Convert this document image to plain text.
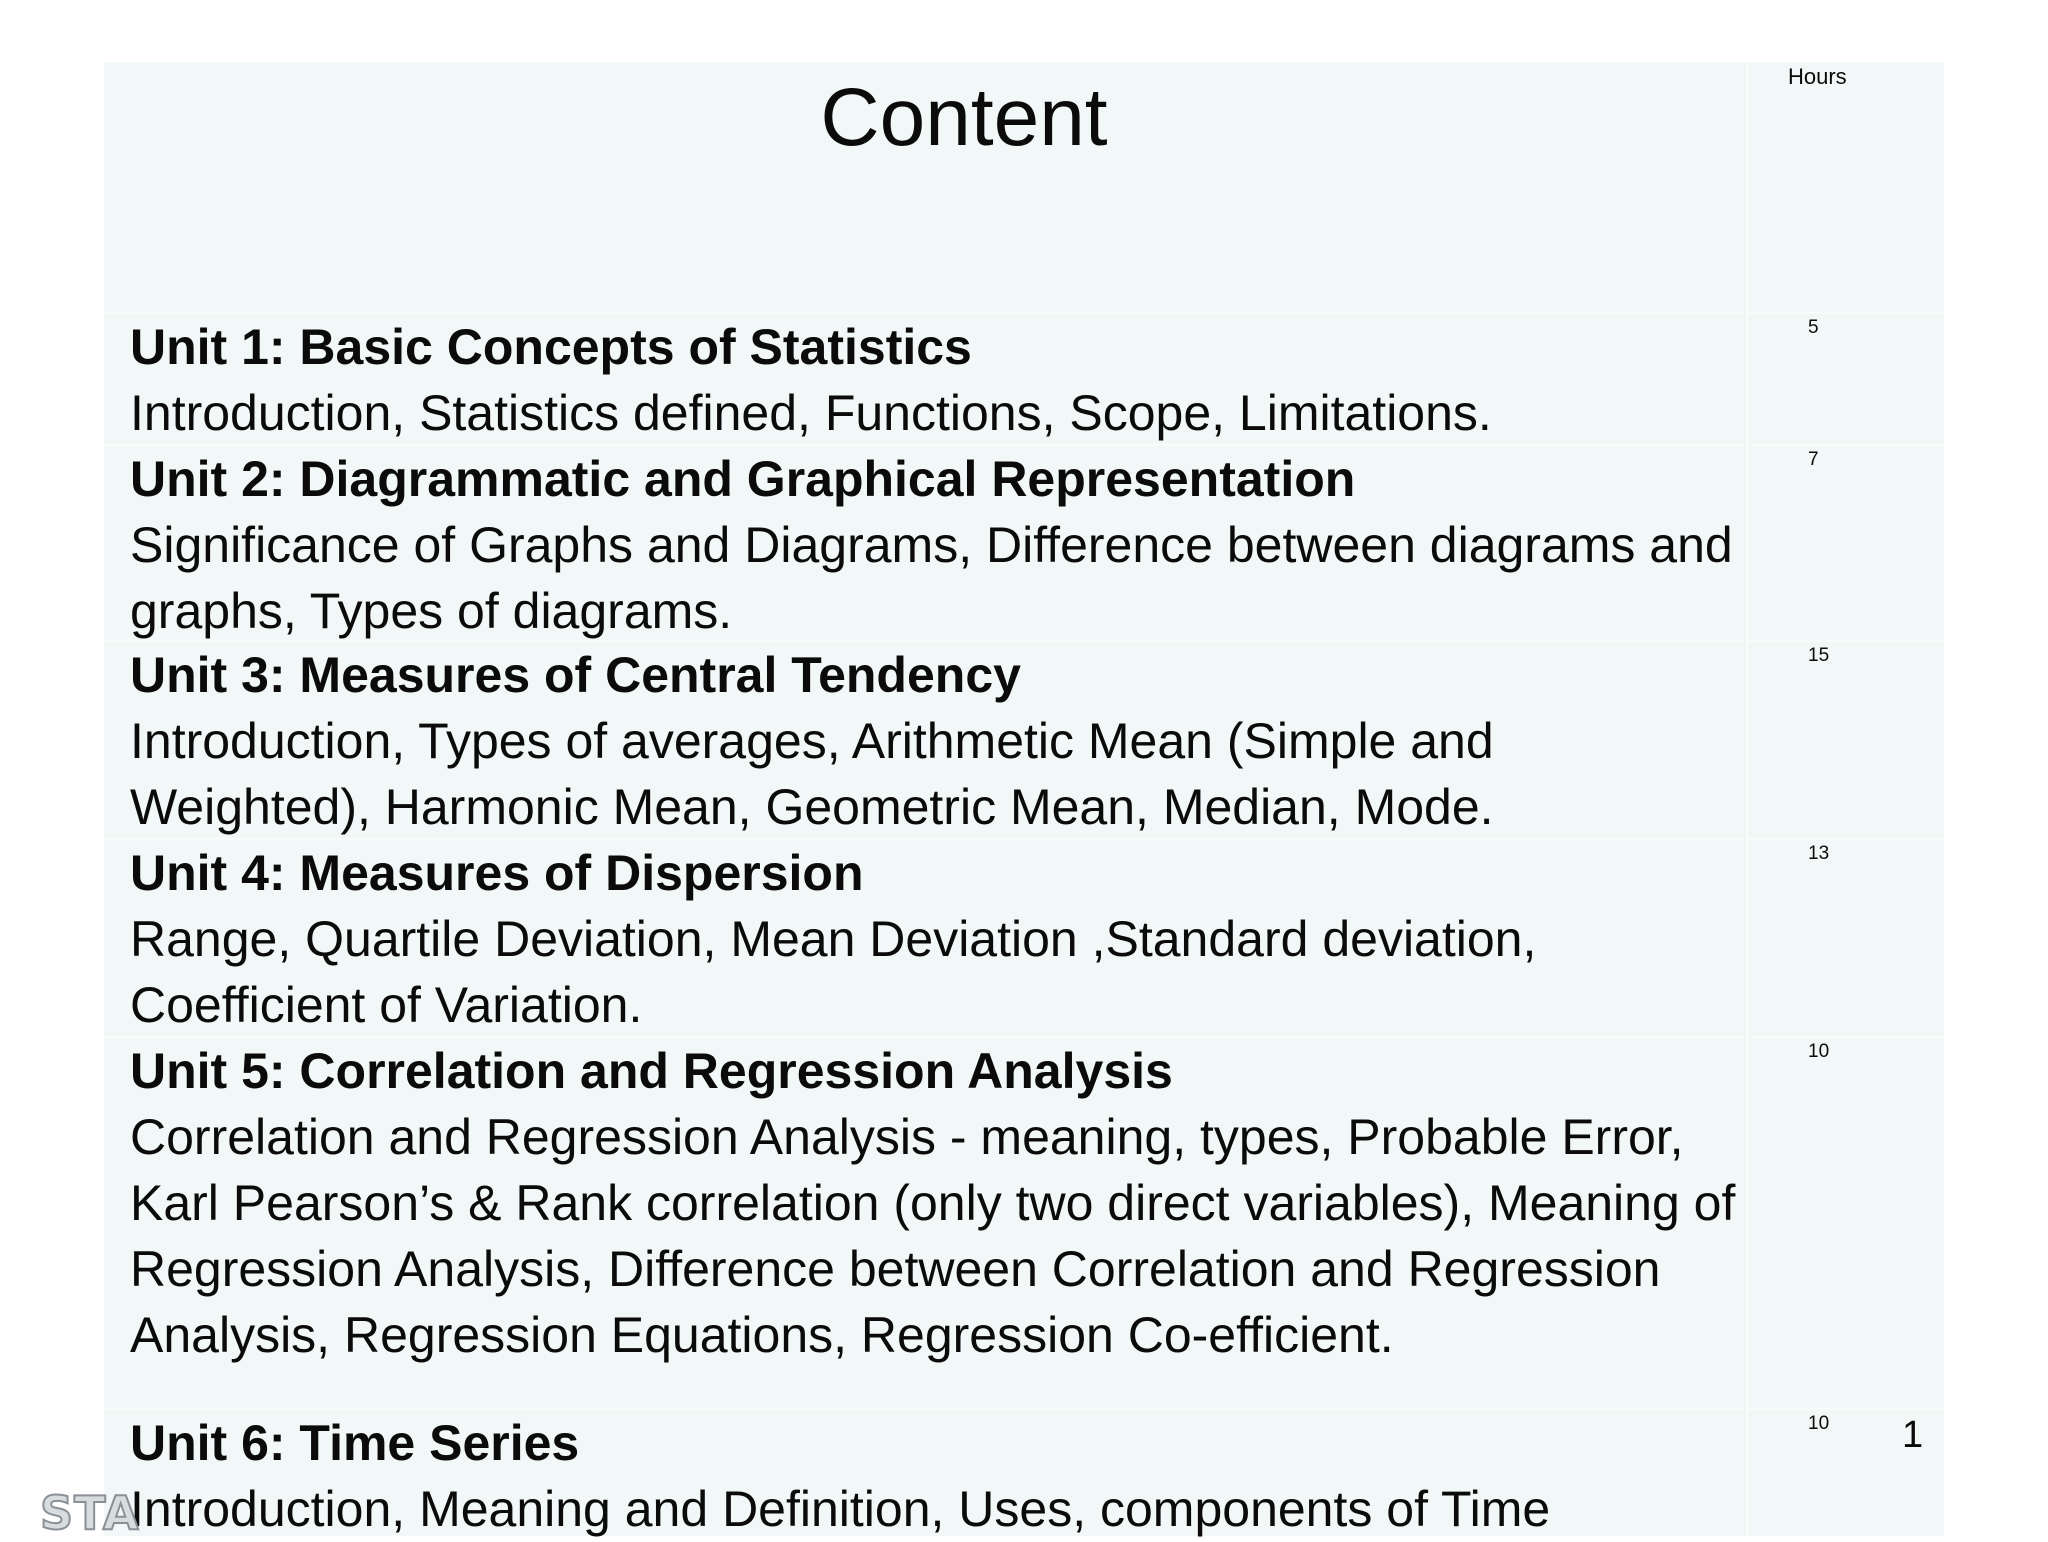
Content	Hours
Unit 1: Basic Concepts of Statistics
Introduction, Statistics defined, Functions, Scope, Limitations.
5
Unit 2: Diagrammatic and Graphical Representation
Significance of Graphs and Diagrams, Difference between diagrams and graphs, Types of diagrams.
7
Unit 3: Measures of Central Tendency
Introduction, Types of averages, Arithmetic Mean (Simple and Weighted), Harmonic Mean, Geometric Mean, Median, Mode.
15
Unit 4: Measures of Dispersion
Range, Quartile Deviation, Mean Deviation ,Standard deviation, Coefficient of Variation.
13
Unit 5: Correlation and Regression Analysis
Correlation and Regression Analysis - meaning, types, Probable Error, Karl Pearson’s & Rank correlation (only two direct variables), Meaning of Regression Analysis, Difference between Correlation and Regression Analysis, Regression Equations, Regression Co-efficient.
10
Unit 6: Time Series
Introduction, Meaning and Definition, Uses, components of Time
10 1
STA
